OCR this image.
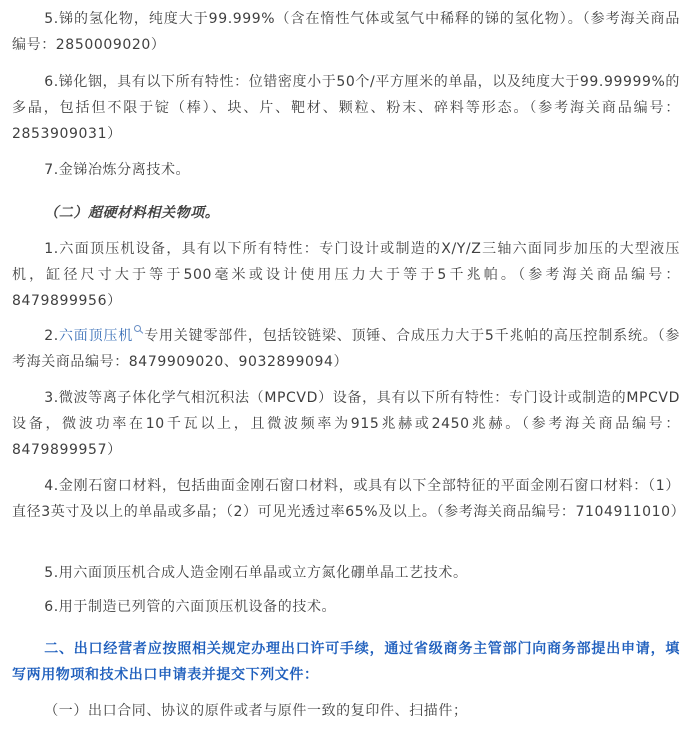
5.锑的氢化物，纯度大于99.999%（含在惰性气体或氢气中稀释的锑的氢化物）。（参考海关商品编号：2850009020）

6.锑化铟，具有以下所有特性：位错密度小于50个/平方厘米的单晶，以及纯度大于99.99999%的多晶，包括但不限于锭（棒）、块、片、靶材、颗粒、粉末、碎料等形态。（参考海关商品编号：2853909031）

7.金锑冶炼分离技术。

（二）超硬材料相关物项。

1.六面顶压机设备，具有以下所有特性：专门设计或制造的X/Y/Z三轴六面同步加压的大型液压机，缸径尺寸大于等于500毫米或设计使用压力大于等于5千兆帕。（参考海关商品编号：8479899956）

2.六面顶压机 专用关键零部件，包括铰链梁、顶锤、合成压力大于5千兆帕的高压控制系统。（参考海关商品编号：8479909020、9032899094）

3.微波等离子体化学气相沉积法（MPCVD）设备，具有以下所有特性：专门设计或制造的MPCVD设备，微波功率在10千瓦以上，且微波频率为915兆赫或2450兆赫。（参考海关商品编号：8479899957）

4.金刚石窗口材料，包括曲面金刚石窗口材料，或具有以下全部特征的平面金刚石窗口材料：（1）直径3英寸及以上的单晶或多晶；（2）可见光透过率65%及以上。（参考海关商品编号：7104911010）

5.用六面顶压机合成人造金刚石单晶或立方氮化硼单晶工艺技术。

6.用于制造已列管的六面顶压机设备的技术。

二、出口经营者应按照相关规定办理出口许可手续，通过省级商务主管部门向商务部提出申请，填写两用物项和技术出口申请表并提交下列文件：

（一）出口合同、协议的原件或者与原件一致的复印件、扫描件；
